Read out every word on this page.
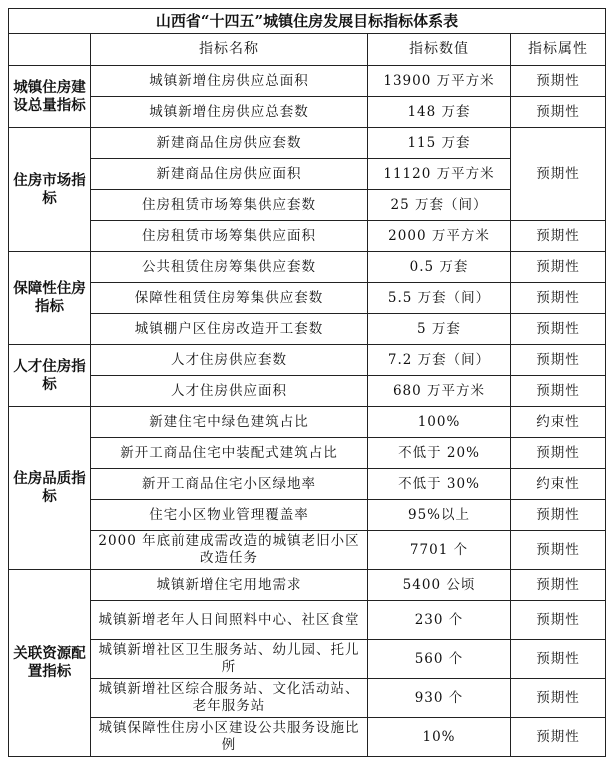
山西省“十四五”城镇住房发展目标指标体系表			
	指标名称	指标数值	指标属性
城镇住房建设总量指标	城镇新增住房供应总面积	13900 万平方米	预期性
	城镇新增住房供应总套数	148 万套	预期性
住房市场指标	新建商品住房供应套数	115 万套	预期性
	新建商品住房供应面积	11120 万平方米	
	住房租赁市场筹集供应套数	25 万套（间）	
	住房租赁市场筹集供应面积	2000 万平方米	预期性
保障性住房指标	公共租赁住房筹集供应套数	0.5 万套	预期性
	保障性租赁住房筹集供应套数	5.5 万套（间）	预期性
	城镇棚户区住房改造开工套数	5 万套	预期性
人才住房指标	人才住房供应套数	7.2 万套（间）	预期性
	人才住房供应面积	680 万平方米	预期性
住房品质指标	新建住宅中绿色建筑占比	100%	约束性
	新开工商品住宅中装配式建筑占比	不低于 20%	预期性
	新开工商品住宅小区绿地率	不低于 30%	约束性
	住宅小区物业管理覆盖率	95%以上	预期性
	2000 年底前建成需改造的城镇老旧小区改造任务	7701 个	预期性
关联资源配置指标	城镇新增住宅用地需求	5400 公顷	预期性
	城镇新增老年人日间照料中心、社区食堂	230 个	预期性
	城镇新增社区卫生服务站、幼儿园、托儿所	560 个	预期性
	城镇新增社区综合服务站、文化活动站、老年服务站	930 个	预期性
	城镇保障性住房小区建设公共服务设施比例	10%	预期性
